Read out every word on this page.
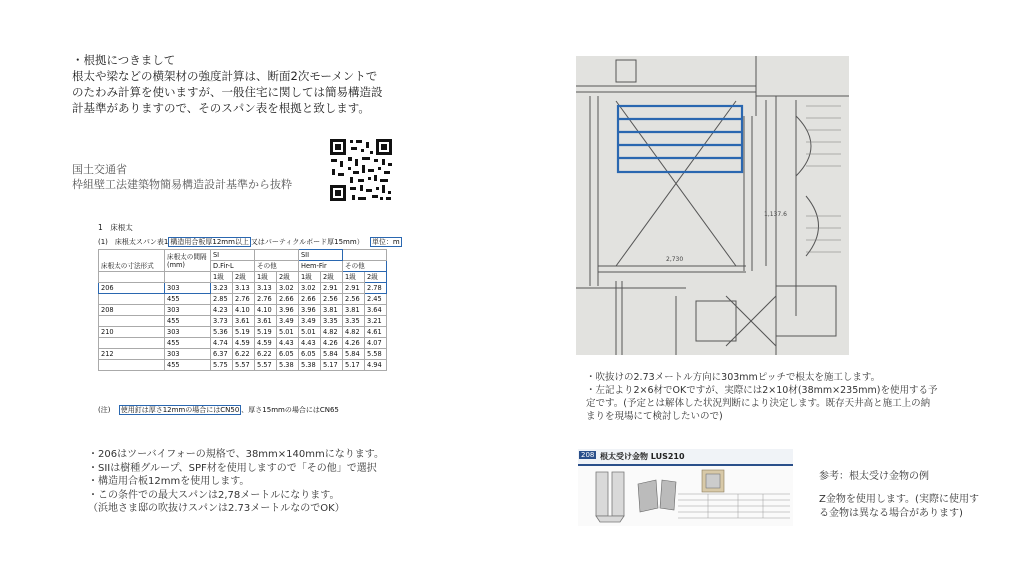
・根拠につきまして
根太や梁などの横架材の強度計算は、断面2次モーメントで
のたわみ計算を使いますが、一般住宅に関しては簡易構造設
計基準がありますので、そのスパン表を根拠と致します。
国土交通省
枠組壁工法建築物簡易構造設計基準から抜粋
1　床根太
(1)　床根太スパン表1 構造用合板厚12mm以上 又はパーティクルボード厚15mm） 単位：m
床根太の寸法形式	床根太の間隔 (mm)	SI				SII			
		D.Fir-L		その他		Hem-Fir		その他	
		1級	2級	1級	2級	1級	2級	1級	2級
206	303	3.23	3.13	3.13	3.02	3.02	2.91	2.91	2.78
	455	2.85	2.76	2.76	2.66	2.66	2.56	2.56	2.45
208	303	4.23	4.10	4.10	3.96	3.96	3.81	3.81	3.64
	455	3.73	3.61	3.61	3.49	3.49	3.35	3.35	3.21
210	303	5.36	5.19	5.19	5.01	5.01	4.82	4.82	4.61
	455	4.74	4.59	4.59	4.43	4.43	4.26	4.26	4.07
212	303	6.37	6.22	6.22	6.05	6.05	5.84	5.84	5.58
	455	5.75	5.57	5.57	5.38	5.38	5.17	5.17	4.94
(注) 使用釘は厚さ12mmの場合にはCN50 、厚さ15mmの場合にはCN65
・206はツーバイフォーの規格で、38mm×140mmになります。
・SIIは樹種グループ、SPF材を使用しますので「その他」で選択
・構造用合板12mmを使用します。
・この条件での最大スパンは2,78メートルになります。
（浜地さま邸の吹抜けスパンは2.73メートルなのでOK）
2,730
1,137.6
・吹抜けの2.73メートル方向に303mmピッチで根太を施工します。
・左記より2×6材でOKですが、実際には2×10材(38mm×235mm)を使用する予
定です。(予定とは解体した状況判断により決定します。既存天井高と施工上の納
まりを現場にて検討したいので)
208 根太受け金物 LUS210
参考：根太受け金物の例
Z金物を使用します。(実際に使用す
る金物は異なる場合があります)
